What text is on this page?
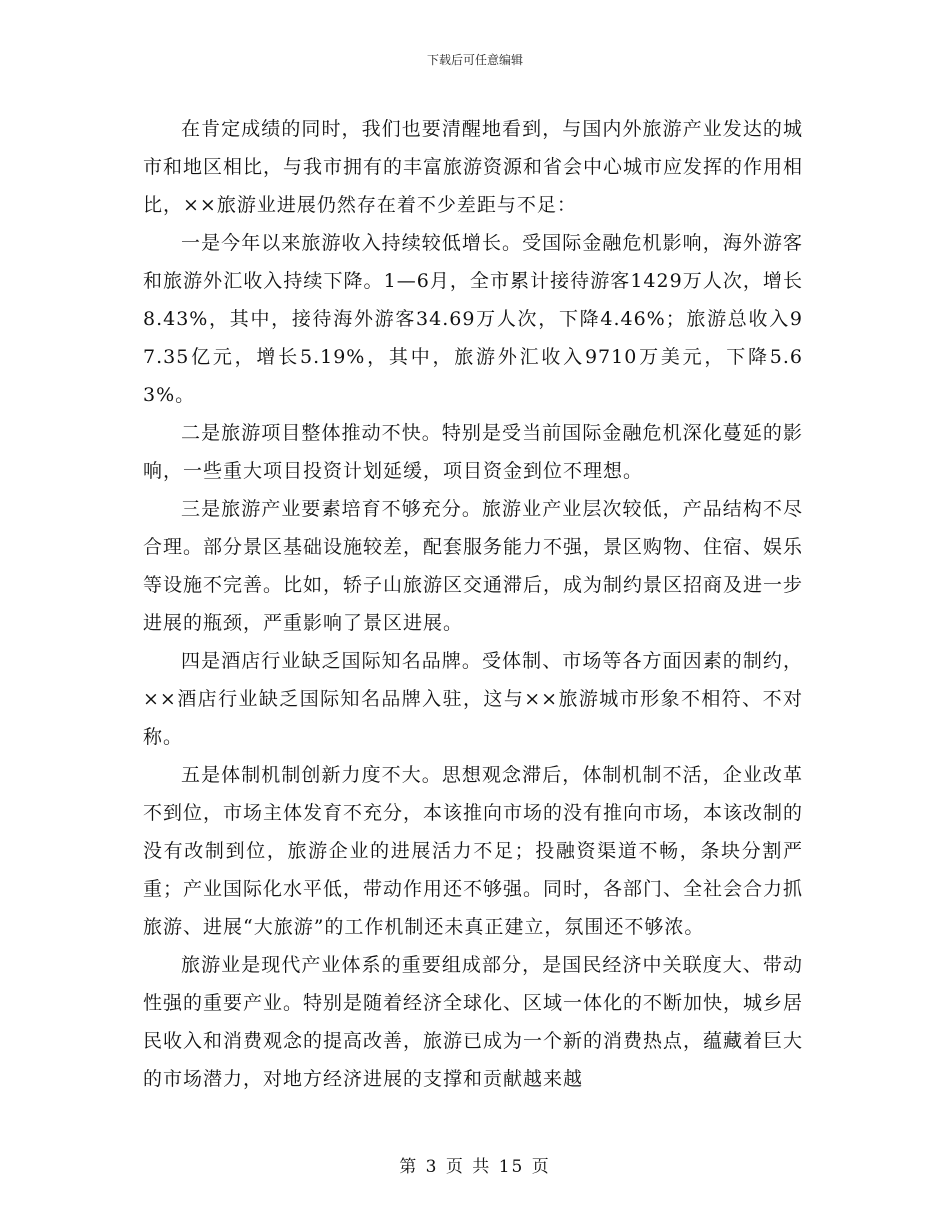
下载后可任意编辑

在肯定成绩的同时，我们也要清醒地看到，与国内外旅游产业发达的城市和地区相比，与我市拥有的丰富旅游资源和省会中心城市应发挥的作用相比，××旅游业进展仍然存在着不少差距与不足：

一是今年以来旅游收入持续较低增长。受国际金融危机影响，海外游客和旅游外汇收入持续下降。1—6月，全市累计接待游客1429万人次，增长8.43%，其中，接待海外游客34.69万人次，下降4.46%；旅游总收入97.35亿元，增长5.19%，其中，旅游外汇收入9710万美元，下降5.63%。

二是旅游项目整体推动不快。特别是受当前国际金融危机深化蔓延的影响，一些重大项目投资计划延缓，项目资金到位不理想。

三是旅游产业要素培育不够充分。旅游业产业层次较低，产品结构不尽合理。部分景区基础设施较差，配套服务能力不强，景区购物、住宿、娱乐等设施不完善。比如，轿子山旅游区交通滞后，成为制约景区招商及进一步进展的瓶颈，严重影响了景区进展。

四是酒店行业缺乏国际知名品牌。受体制、市场等各方面因素的制约，××酒店行业缺乏国际知名品牌入驻，这与××旅游城市形象不相符、不对称。

五是体制机制创新力度不大。思想观念滞后，体制机制不活，企业改革不到位，市场主体发育不充分，本该推向市场的没有推向市场，本该改制的没有改制到位，旅游企业的进展活力不足；投融资渠道不畅，条块分割严重；产业国际化水平低，带动作用还不够强。同时，各部门、全社会合力抓旅游、进展“大旅游”的工作机制还未真正建立，氛围还不够浓。

旅游业是现代产业体系的重要组成部分，是国民经济中关联度大、带动性强的重要产业。特别是随着经济全球化、区域一体化的不断加快，城乡居民收入和消费观念的提高改善，旅游已成为一个新的消费热点，蕴藏着巨大的市场潜力，对地方经济进展的支撑和贡献越来越

第 3 页 共 15 页
